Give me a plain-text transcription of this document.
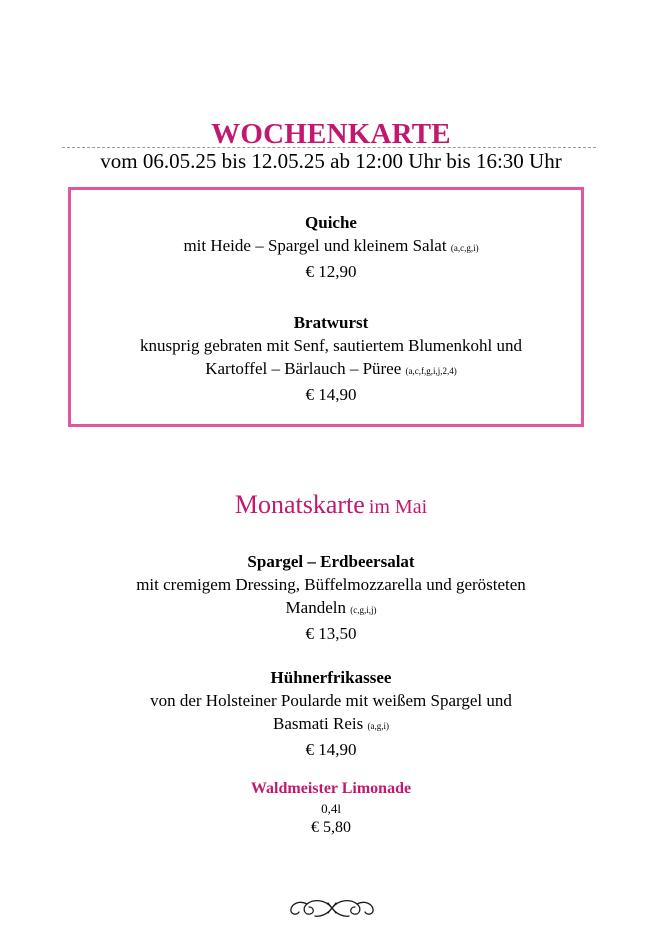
WOCHENKARTE
vom 06.05.25 bis 12.05.25 ab 12:00 Uhr bis 16:30 Uhr
Quiche
mit Heide – Spargel und kleinem Salat (a,c,g,i)
€ 12,90
Bratwurst
knusprig gebraten mit Senf, sautiertem Blumenkohl und
Kartoffel – Bärlauch – Püree (a,c,f,g,i,j,2,4)
€ 14,90
Monatskarte im Mai
Spargel – Erdbeersalat
mit cremigem Dressing, Büffelmozzarella und gerösteten
Mandeln (c,g,i,j)
€ 13,50
Hühnerfrikassee
von der Holsteiner Poularde mit weißem Spargel und
Basmati Reis (a,g,i)
€ 14,90
Waldmeister Limonade
0,4l
€ 5,80
